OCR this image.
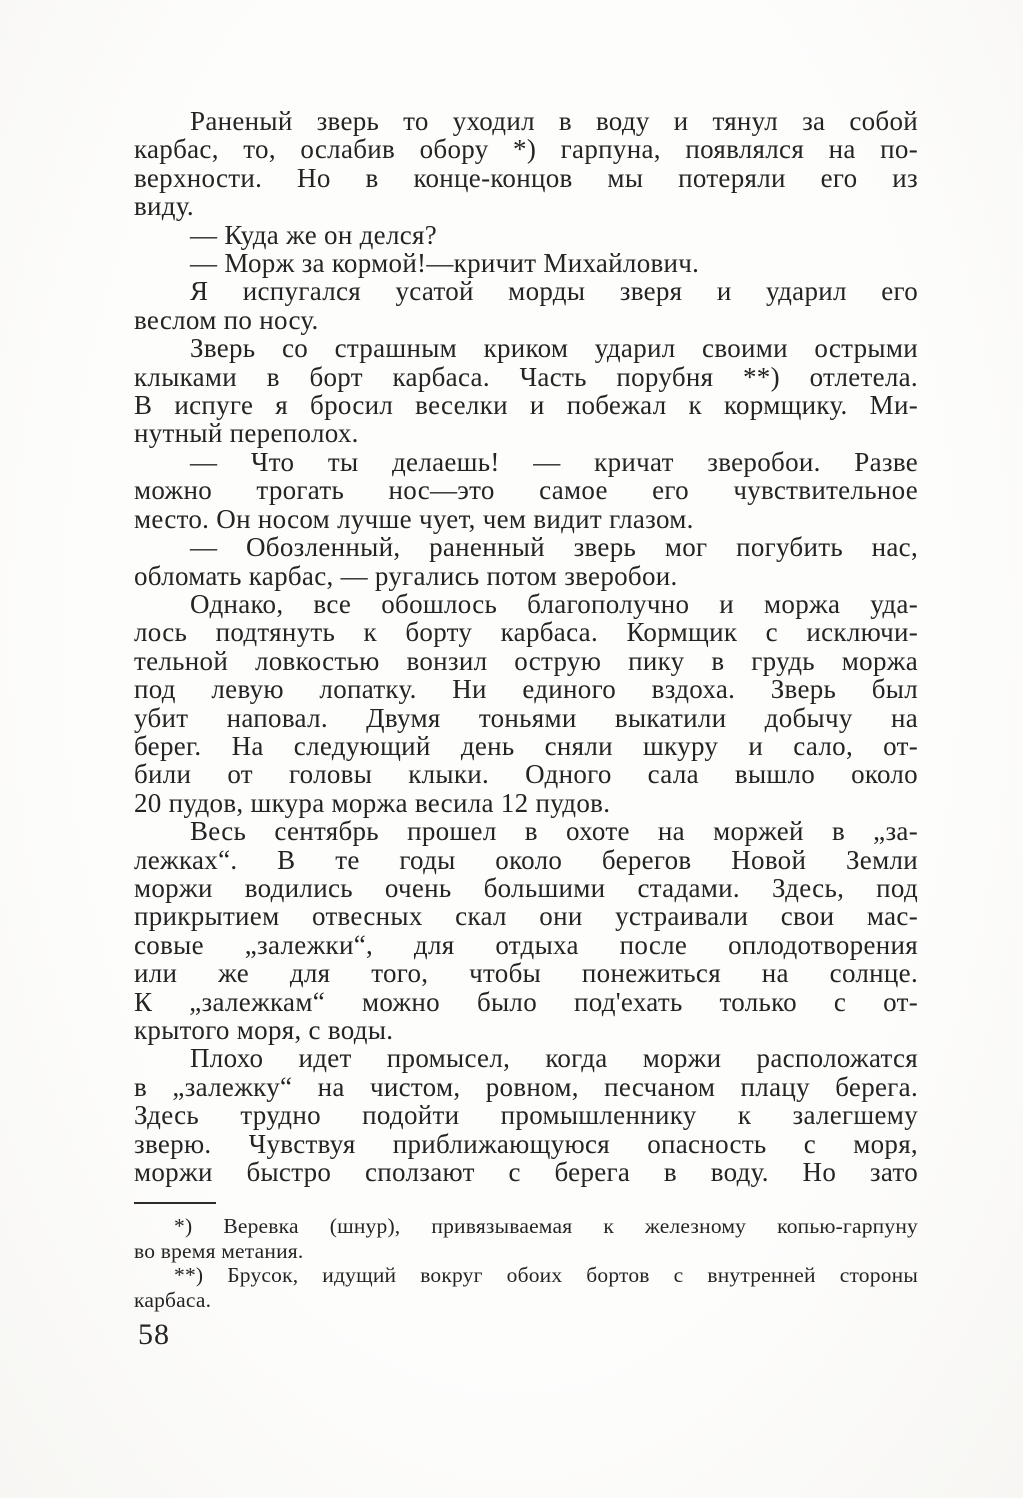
Раненый зверь то уходил в воду и тянул за собой
карбас, то, ослабив обору *) гарпуна, появлялся на по-
верхности. Но в конце-концов мы потеряли его из
виду.
— Куда же он делся?
— Морж за кормой!—кричит Михайлович.
Я испугался усатой морды зверя и ударил его
веслом по носу.
Зверь со страшным криком ударил своими острыми
клыками в борт карбаса. Часть порубня **) отлетела.
В испуге я бросил веселки и побежал к кормщику. Ми-
нутный переполох.
— Что ты делаешь! — кричат зверобои. Разве
можно трогать нос—это самое его чувствительное
место. Он носом лучше чует, чем видит глазом.
— Обозленный, раненный зверь мог погубить нас,
обломать карбас, — ругались потом зверобои.
Однако, все обошлось благополучно и моржа уда-
лось подтянуть к борту карбаса. Кормщик с исключи-
тельной ловкостью вонзил острую пику в грудь моржа
под левую лопатку. Ни единого вздоха. Зверь был
убит наповал. Двумя тоньями выкатили добычу на
берег. На следующий день сняли шкуру и сало, от-
били от головы клыки. Одного сала вышло около
20 пудов, шкура моржа весила 12 пудов.
Весь сентябрь прошел в охоте на моржей в „за-
лежках“. В те годы около берегов Новой Земли
моржи водились очень большими стадами. Здесь, под
прикрытием отвесных скал они устраивали свои мас-
совые „залежки“, для отдыха после оплодотворения
или же для того, чтобы понежиться на солнце.
К „залежкам“ можно было под'ехать только с от-
крытого моря, с воды.
Плохо идет промысел, когда моржи расположатся
в „залежку“ на чистом, ровном, песчаном плацу берега.
Здесь трудно подойти промышленнику к залегшему
зверю. Чувствуя приближающуюся опасность с моря,
моржи быстро сползают с берега в воду. Но зато
*) Веревка (шнур), привязываемая к железному копью-гарпуну
во время метания.
**) Брусок, идущий вокруг обоих бортов с внутренней стороны
карбаса.
58
